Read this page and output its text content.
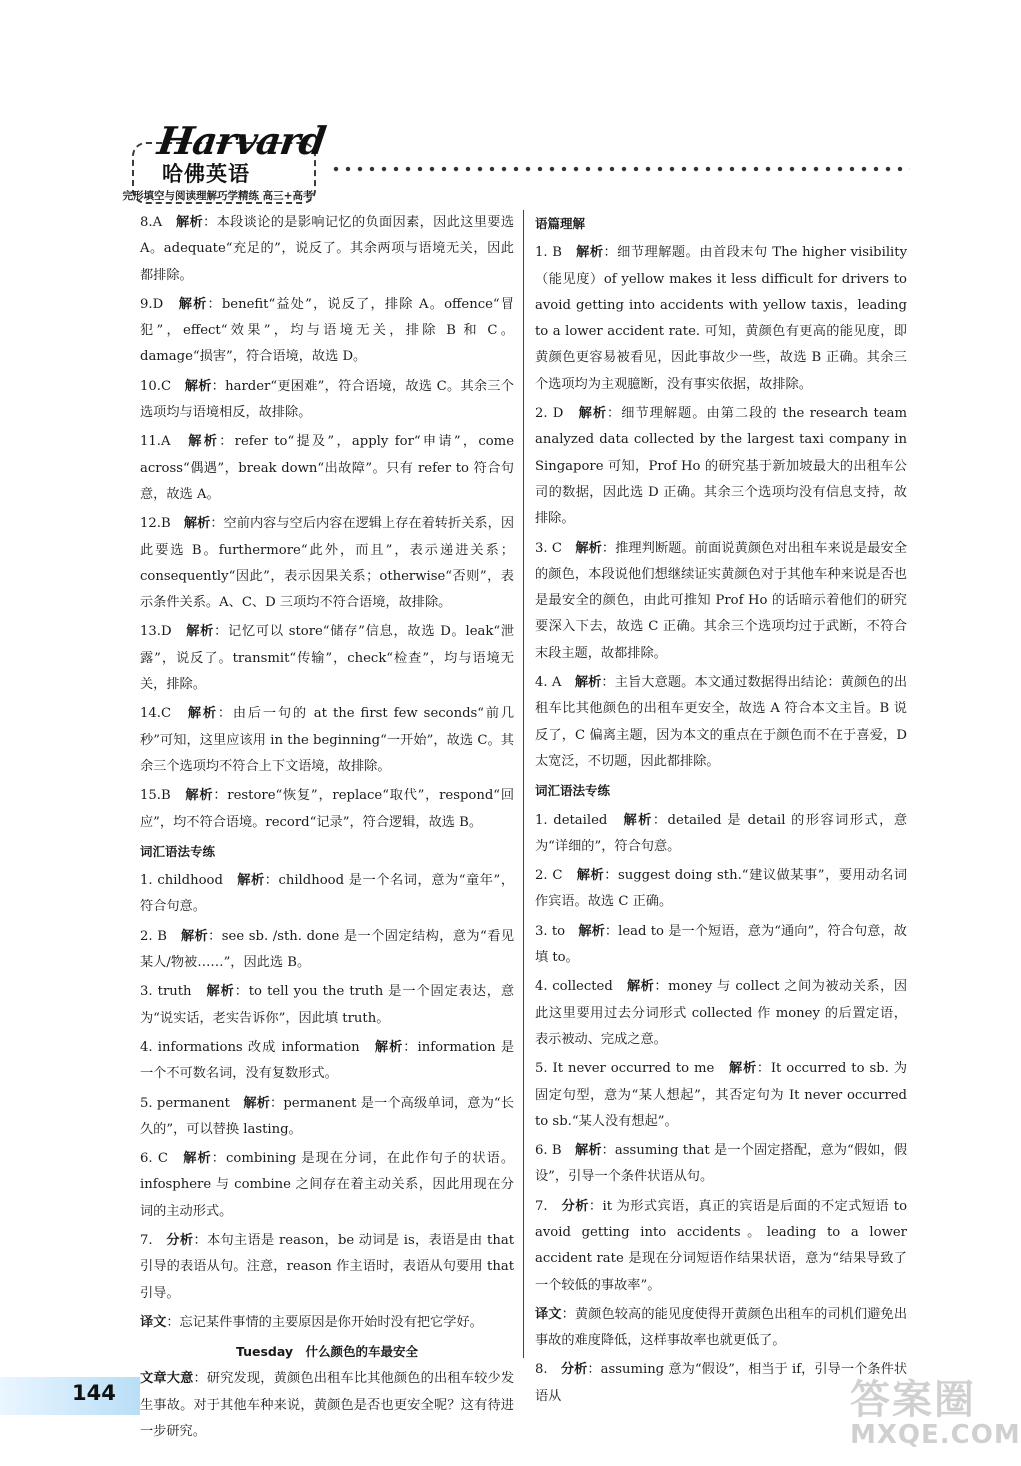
Harvard
哈佛英语
完形填空与阅读理解巧学精练 高三+高考
8.A　 解析：本段谈论的是影响记忆的负面因素，因此这里要选 A。adequate“充足的”，说反了。其余两项与语境无关，因此都排除。
9.D　 解析：benefit“益处”，说反了，排除 A。offence“冒犯”，effect“效果”，均与语境无关，排除 B 和 C。damage“损害”，符合语境，故选 D。
10.C　 解析：harder“更困难”，符合语境，故选 C。其余三个选项均与语境相反，故排除。
11.A　 解析：refer to“提及”，apply for“申请”，come across“偶遇”，break down“出故障”。只有 refer to 符合句意，故选 A。
12.B　 解析：空前内容与空后内容在逻辑上存在着转折关系，因此要选 B。furthermore“此外，而且”，表示递进关系；consequently“因此”，表示因果关系；otherwise“否则”，表示条件关系。A、C、D 三项均不符合语境，故排除。
13.D　 解析：记忆可以 store“储存”信息，故选 D。leak“泄露”，说反了。transmit“传输”，check“检查”，均与语境无关，排除。
14.C　 解析：由后一句的 at the first few seconds“前几秒”可知，这里应该用 in the beginning“一开始”，故选 C。其余三个选项均不符合上下文语境，故排除。
15.B　 解析：restore“恢复”，replace“取代”，respond“回应”，均不符合语境。record“记录”，符合逻辑，故选 B。
词汇语法专练
1. childhood　 解析：childhood 是一个名词，意为“童年”，符合句意。
2. B　 解析：see sb. /sth. done 是一个固定结构，意为“看见某人/物被……”，因此选 B。
3. truth　 解析：to tell you the truth 是一个固定表达，意为“说实话，老实告诉你”，因此填 truth。
4. informations 改成 information　 解析：information 是一个不可数名词，没有复数形式。
5. permanent　 解析：permanent 是一个高级单词，意为“长久的”，可以替换 lasting。
6. C　 解析：combining 是现在分词，在此作句子的状语。infosphere 与 combine 之间存在着主动关系，因此用现在分词的主动形式。
7.　 分析：本句主语是 reason，be 动词是 is，表语是由 that 引导的表语从句。注意，reason 作主语时，表语从句要用 that 引导。
译文：忘记某件事情的主要原因是你开始时没有把它学好。
Tuesday　什么颜色的车最安全
文章大意：研究发现，黄颜色出租车比其他颜色的出租车较少发生事故。对于其他车种来说，黄颜色是否也更安全呢？这有待进一步研究。
语篇理解
1. B　 解析：细节理解题。由首段末句 The higher visibility（能见度）of yellow makes it less difficult for drivers to avoid getting into accidents with yellow taxis，leading to a lower accident rate. 可知，黄颜色有更高的能见度，即黄颜色更容易被看见，因此事故少一些，故选 B 正确。其余三个选项均为主观臆断，没有事实依据，故排除。
2. D　 解析：细节理解题。由第二段的 the research team analyzed data collected by the largest taxi company in Singapore 可知，Prof Ho 的研究基于新加坡最大的出租车公司的数据，因此选 D 正确。其余三个选项均没有信息支持，故排除。
3. C　 解析：推理判断题。前面说黄颜色对出租车来说是最安全的颜色，本段说他们想继续证实黄颜色对于其他车种来说是否也是最安全的颜色，由此可推知 Prof Ho 的话暗示着他们的研究要深入下去，故选 C 正确。其余三个选项均过于武断，不符合末段主题，故都排除。
4. A　 解析：主旨大意题。本文通过数据得出结论：黄颜色的出租车比其他颜色的出租车更安全，故选 A 符合本文主旨。B 说反了，C 偏离主题，因为本文的重点在于颜色而不在于喜爱，D 太宽泛，不切题，因此都排除。
词汇语法专练
1. detailed　 解析：detailed 是 detail 的形容词形式，意为“详细的”，符合句意。
2. C　 解析：suggest doing sth.“建议做某事”，要用动名词作宾语。故选 C 正确。
3. to　 解析：lead to 是一个短语，意为“通向”，符合句意，故填 to。
4. collected　 解析：money 与 collect 之间为被动关系，因此这里要用过去分词形式 collected 作 money 的后置定语，表示被动、完成之意。
5. It never occurred to me　 解析：It occurred to sb. 为固定句型，意为“某人想起”，其否定句为 It never occurred to sb.“某人没有想起”。
6. B　 解析：assuming that 是一个固定搭配，意为“假如，假设”，引导一个条件状语从句。
7.　 分析：it 为形式宾语，真正的宾语是后面的不定式短语 to avoid getting into accidents。leading to a lower accident rate 是现在分词短语作结果状语，意为“结果导致了一个较低的事故率”。
译文：黄颜色较高的能见度使得开黄颜色出租车的司机们避免出事故的难度降低，这样事故率也就更低了。
8.　 分析：assuming 意为“假设”，相当于 if，引导一个条件状语从
144	答案圈
MXQE.COM
